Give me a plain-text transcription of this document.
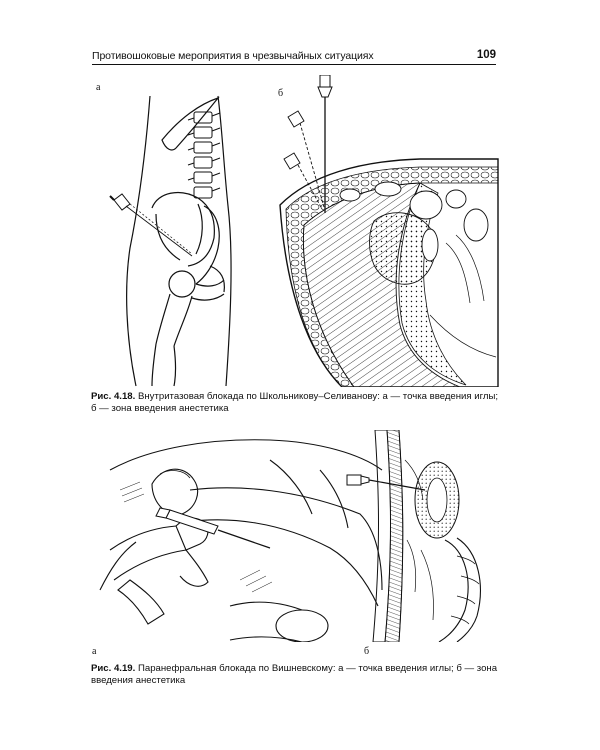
Противошоковые мероприятия в чрезвычайных ситуациях	109
а
б
Рис. 4.18. Внутритазовая блокада по Школьникову–Селиванову: а — точка введения иглы; б — зона введения анестетика
а	б
Рис. 4.19. Паранефральная блокада по Вишневскому: а — точка введения иглы; б — зона введения анестетика
